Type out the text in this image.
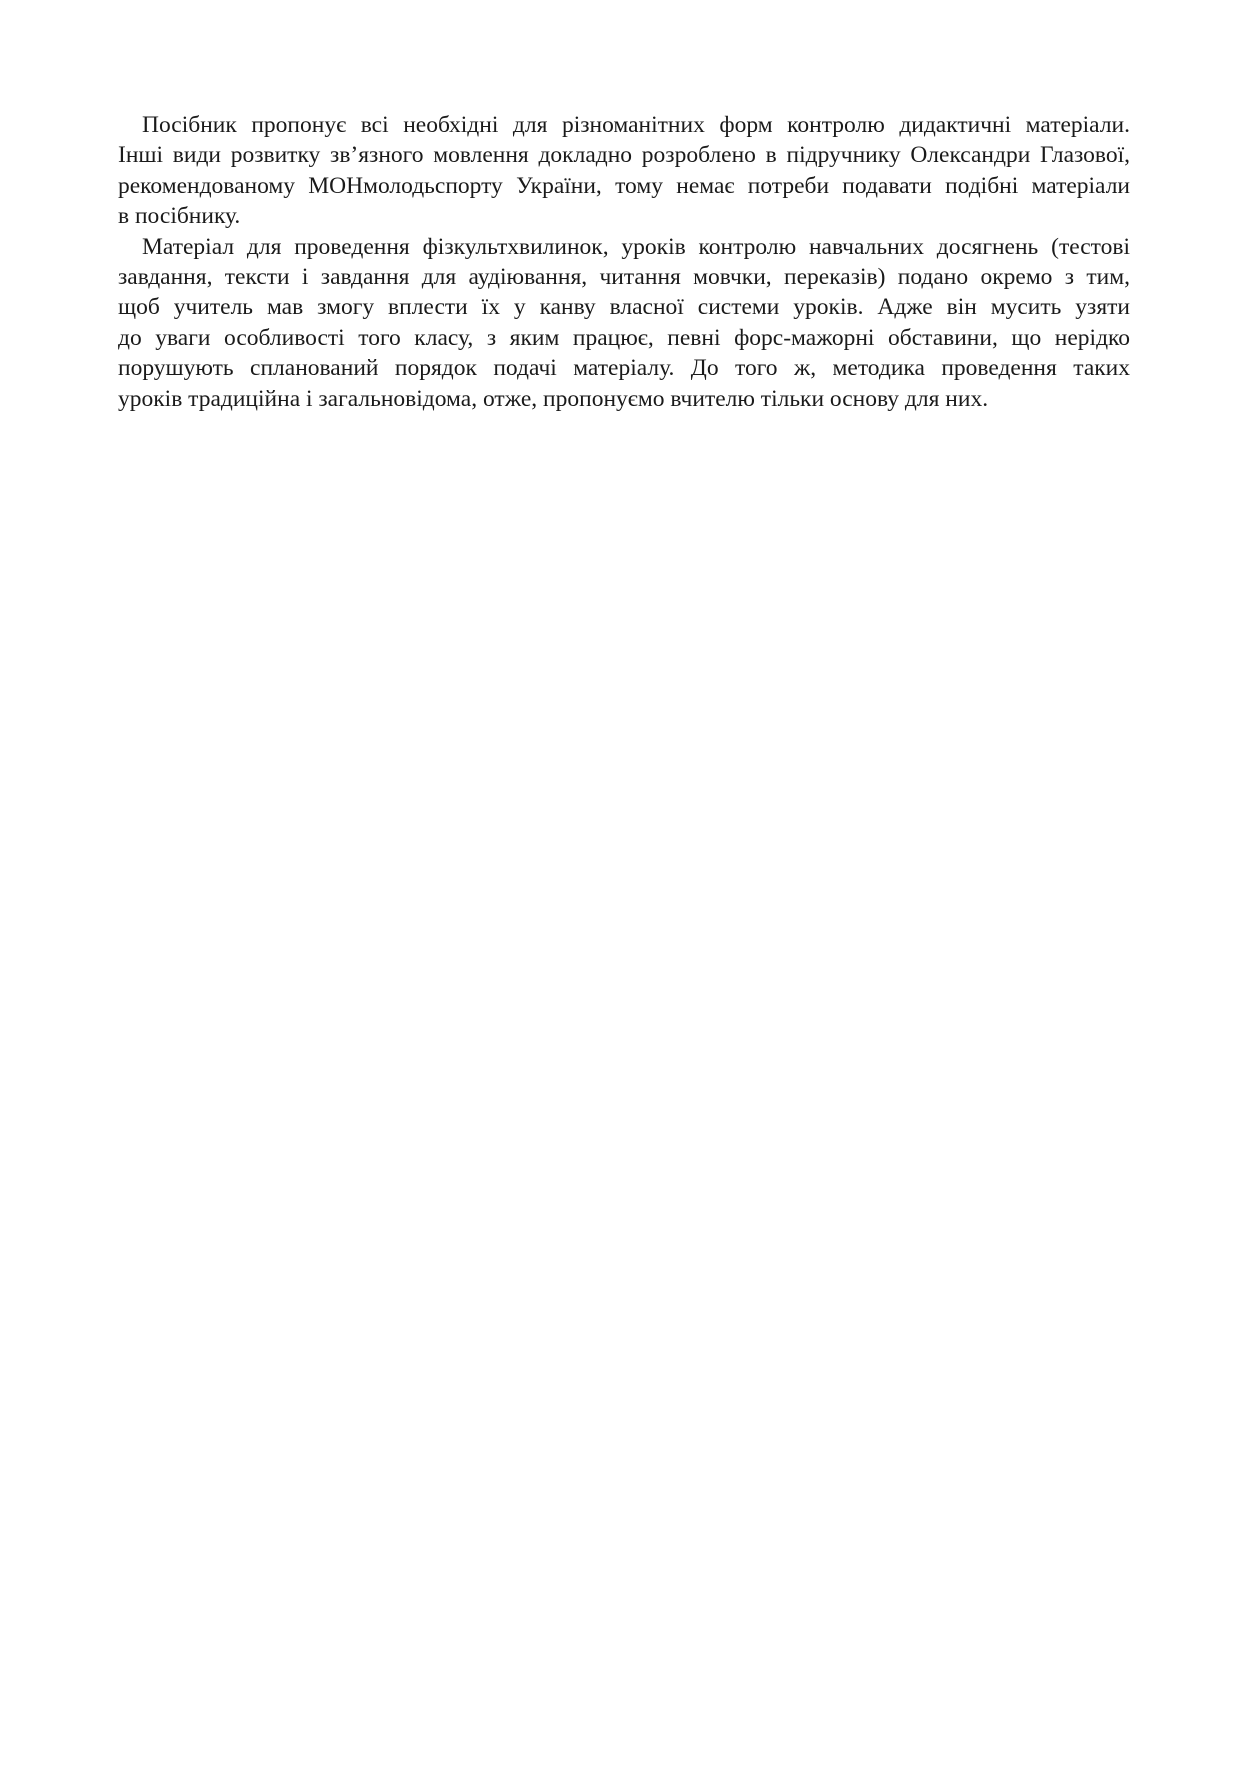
Посібник пропонує всі необхідні для різноманітних форм контролю дидактичні матеріали.
Інші види розвитку зв’язного мовлення докладно розроблено в підручнику Олександри Глазової,
рекомендованому МОНмолодьспорту України, тому немає потреби подавати подібні матеріали
в посібнику.

Матеріал для проведення фізкультхвилинок, уроків контролю навчальних досягнень (тестові
завдання, тексти і завдання для аудіювання, читання мовчки, переказів) подано окремо з тим,
щоб учитель мав змогу вплести їх у канву власної системи уроків. Адже він мусить узяти
до уваги особливості того класу, з яким працює, певні форс-мажорні обставини, що нерідко
порушують спланований порядок подачі матеріалу. До того ж, методика проведення таких
уроків традиційна і загальновідома, отже, пропонуємо вчителю тільки основу для них.
